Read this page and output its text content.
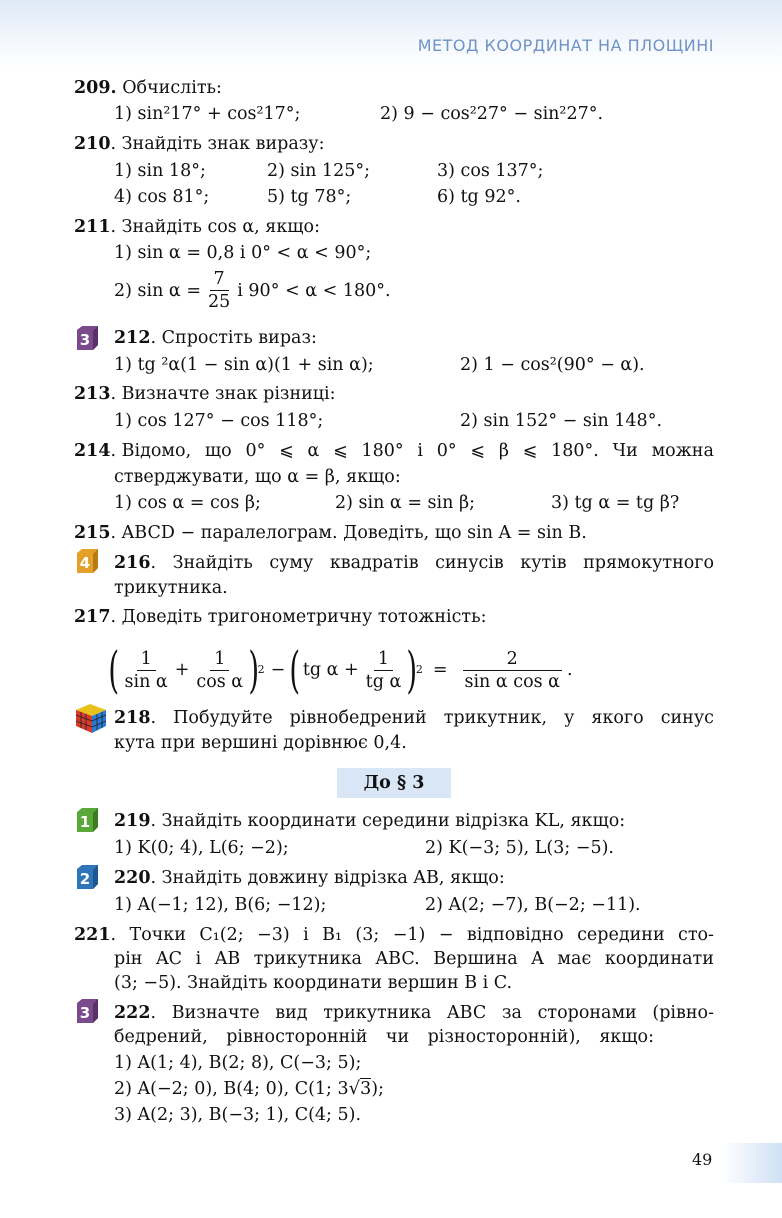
МЕТОД КООРДИНАТ НА ПЛОЩИНІ
209. Обчисліть:
1) sin²17° + cos²17°;	2) 9 − cos²27° − sin²27°.
210. Знайдіть знак виразу:
1) sin 18°;	2) sin 125°;	3) cos 137°;
4) cos 81°;	5) tg 78°;	6) tg 92°.
211. Знайдіть cos α, якщо:
1) sin α = 0,8 і 0° < α < 90°;
2) $\sin \alpha = \frac{7}{25}$ і 90° < α < 180°.
3 212. Спростіть вираз:
1) tg ²α(1 − sin α)(1 + sin α);	2) 1 − cos²(90° − α).
213. Визначте знак різниці:
1) cos 127° − cos 118°;	2) sin 152° − sin 148°.
214. Відомо, що 0° ⩽ α ⩽ 180° і 0° ⩽ β ⩽ 180°. Чи можна
стверджувати, що α = β, якщо:
1) cos α = cos β;	2) sin α = sin β;	3) tg α = tg β?
215. ABCD − паралелограм. Доведіть, що sin A = sin B.
4 216. Знайдіть суму квадратів синусів кутів прямокутного
трикутника.
217. Доведіть тригонометричну тотожність:
( $\frac{1}{\text{sin α}} + \frac{1}{\text{cos α}}$ )
2 − ( tg $\alpha + \frac{1}{\text{tg α}}$ )
$2 = \frac{2}{\text{sin α cos α}}$ .
218. Побудуйте рівнобедрений трикутник, у якого синус
кута при вершині дорівнює 0,4.
До § 3
1 219. Знайдіть координати середини відрізка KL, якщо:
1) K(0; 4), L(6; −2);	2) K(−3; 5), L(3; −5).
2 220. Знайдіть довжину відрізка AB, якщо:
1) A(−1; 12), B(6; −12);	2) A(2; −7), B(−2; −11).
221. Точки C₁(2; −3) і B₁ (3; −1) − відповідно середини сто-
рін AC і AB трикутника ABC. Вершина A має координати
(3; −5). Знайдіть координати вершин B і C.
3 222. Визначте вид трикутника ABC за сторонами (рівно-
бедрений, рівносторонній чи різносторонній), якщо:
1) A(1; 4), B(2; 8), C(−3; 5);
2) A(−2; 0), B(4; 0), C(1; 3√3);
3) A(2; 3), B(−3; 1), C(4; 5).
49
